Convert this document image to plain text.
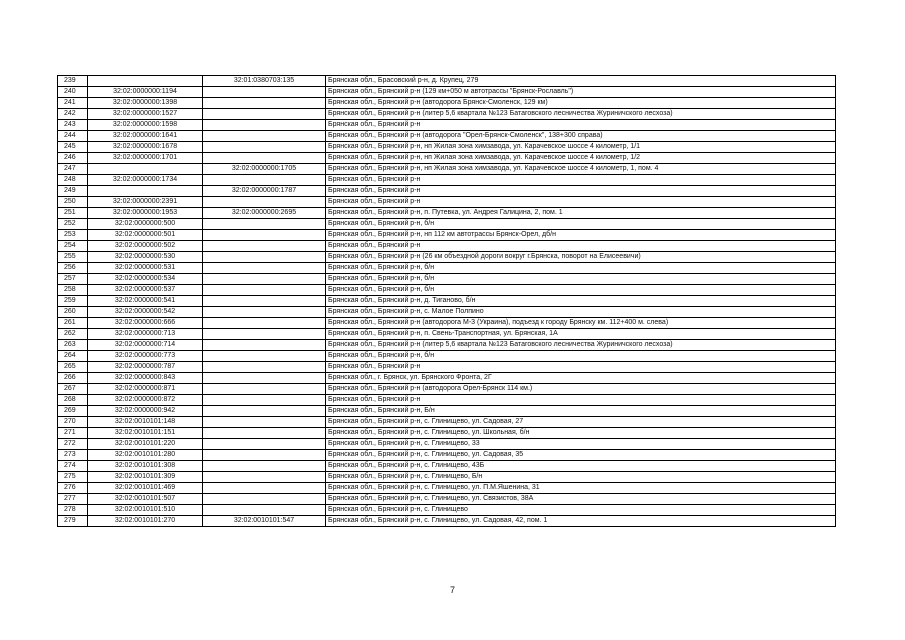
239		32:01:0380703:135	Брянская обл., Брасовский р-н, д. Крупец, 279
240	32:02:0000000:1194		Брянская обл., Брянский р-н (129 км+050 м автотрассы "Брянск-Рославль")
241	32:02:0000000:1398		Брянская обл., Брянский р-н (автодорога Брянск-Смоленск, 129 км)
242	32:02:0000000:1527		Брянская обл., Брянский р-н (литер 5,6 квартала №123 Батаговского лесничества Журиничского лесхоза)
243	32:02:0000000:1598		Брянская обл., Брянский р-н
244	32:02:0000000:1641		Брянская обл., Брянский р-н (автодорога "Орел-Брянск-Смоленск", 138+300 справа)
245	32:02:0000000:1678		Брянская обл., Брянский р-н, нп Жилая зона химзавода, ул. Карачевское шоссе 4 километр, 1/1
246	32:02:0000000:1701		Брянская обл., Брянский р-н, нп Жилая зона химзавода, ул. Карачевское шоссе 4 километр, 1/2
247		32:02:0000000:1705	Брянская обл., Брянский р-н, нп Жилая зона химзавода, ул. Карачевское шоссе 4 километр, 1, пом. 4
248	32:02:0000000:1734		Брянская обл., Брянский р-н
249		32:02:0000000:1787	Брянская обл., Брянский р-н
250	32:02:0000000:2391		Брянская обл., Брянский р-н
251	32:02:0000000:1953	32:02:0000000:2695	Брянская обл., Брянский р-н, п. Путевка, ул. Андрея Галицина, 2, пом. 1
252	32:02:0000000:500		Брянская обл., Брянский р-н, б/н
253	32:02:0000000:501		Брянская обл., Брянский р-н, нп 112 км автотрассы Брянск-Орел, дб/н
254	32:02:0000000:502		Брянская обл., Брянский р-н
255	32:02:0000000:530		Брянская обл., Брянский р-н (26 км объездной дороги вокруг г.Брянска, поворот на Елисеевичи)
256	32:02:0000000:531		Брянская обл., Брянский р-н, б/н
257	32:02:0000000:534		Брянская обл., Брянский р-н, б/н
258	32:02:0000000:537		Брянская обл., Брянский р-н, б/н
259	32:02:0000000:541		Брянская обл., Брянский р-н, д. Тиганово, б/н
260	32:02:0000000:542		Брянская обл., Брянский р-н, с. Малое Полпино
261	32:02:0000000:666		Брянская обл., Брянский р-н (автодорога М-3 (Украина), подъезд к городу Брянску км. 112+400 м. слева)
262	32:02:0000000:713		Брянская обл., Брянский р-н, п. Свень-Транспортная, ул. Брянская, 1А
263	32:02:0000000:714		Брянская обл., Брянский р-н (литер 5,6 квартала №123 Батаговского лесничества Журиничского лесхоза)
264	32:02:0000000:773		Брянская обл., Брянский р-н, б/н
265	32:02:0000000:787		Брянская обл., Брянский р-н
266	32:02:0000000:843		Брянская обл., г. Брянск, ул. Брянского Фронта, 2Г
267	32:02:0000000:871		Брянская обл., Брянский р-н (автодорога Орел-Брянск 114 км.)
268	32:02:0000000:872		Брянская обл., Брянский р-н
269	32:02:0000000:942		Брянская обл., Брянский р-н, Б/н
270	32:02:0010101:148		Брянская обл., Брянский р-н, с. Глинищево, ул. Садовая, 27
271	32:02:0010101:151		Брянская обл., Брянский р-н, с. Глинищево, ул. Школьная, б/н
272	32:02:0010101:220		Брянская обл., Брянский р-н, с. Глинищево, 33
273	32:02:0010101:280		Брянская обл., Брянский р-н, с. Глинищево, ул. Садовая, 35
274	32:02:0010101:308		Брянская обл., Брянский р-н, с. Глинищево, 43Б
275	32:02:0010101:309		Брянская обл., Брянский р-н, с. Глинищево, Б/н
276	32:02:0010101:469		Брянская обл., Брянский р-н, с. Глинищево, ул. П.М.Яшенина, 31
277	32:02:0010101:507		Брянская обл., Брянский р-н, с. Глинищево, ул. Связистов, 38А
278	32:02:0010101:510		Брянская обл., Брянский р-н, с. Глинищево
279	32:02:0010101:270	32:02:0010101:547	Брянская обл., Брянский р-н, с. Глинищево, ул. Садовая, 42, пом. 1
7
